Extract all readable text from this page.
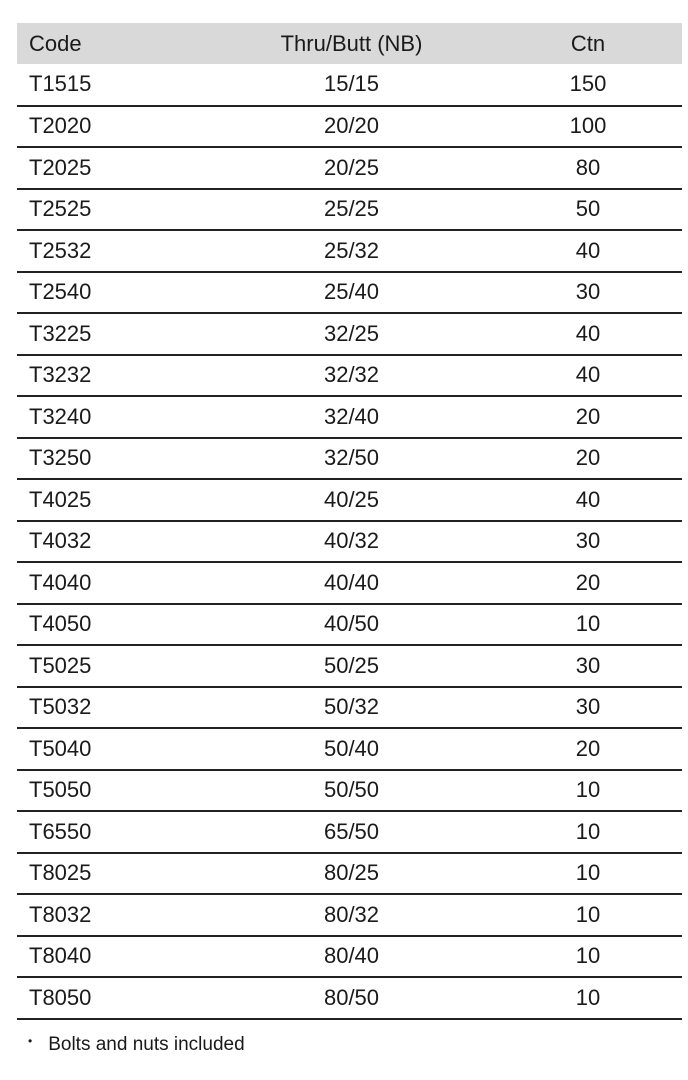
Code	Thru/Butt (NB)	Ctn
T1515	15/15	150
T2020	20/20	100
T2025	20/25	80
T2525	25/25	50
T2532	25/32	40
T2540	25/40	30
T3225	32/25	40
T3232	32/32	40
T3240	32/40	20
T3250	32/50	20
T4025	40/25	40
T4032	40/32	30
T4040	40/40	20
T4050	40/50	10
T5025	50/25	30
T5032	50/32	30
T5040	50/40	20
T5050	50/50	10
T6550	65/50	10
T8025	80/25	10
T8032	80/32	10
T8040	80/40	10
T8050	80/50	10
• Bolts and nuts included
